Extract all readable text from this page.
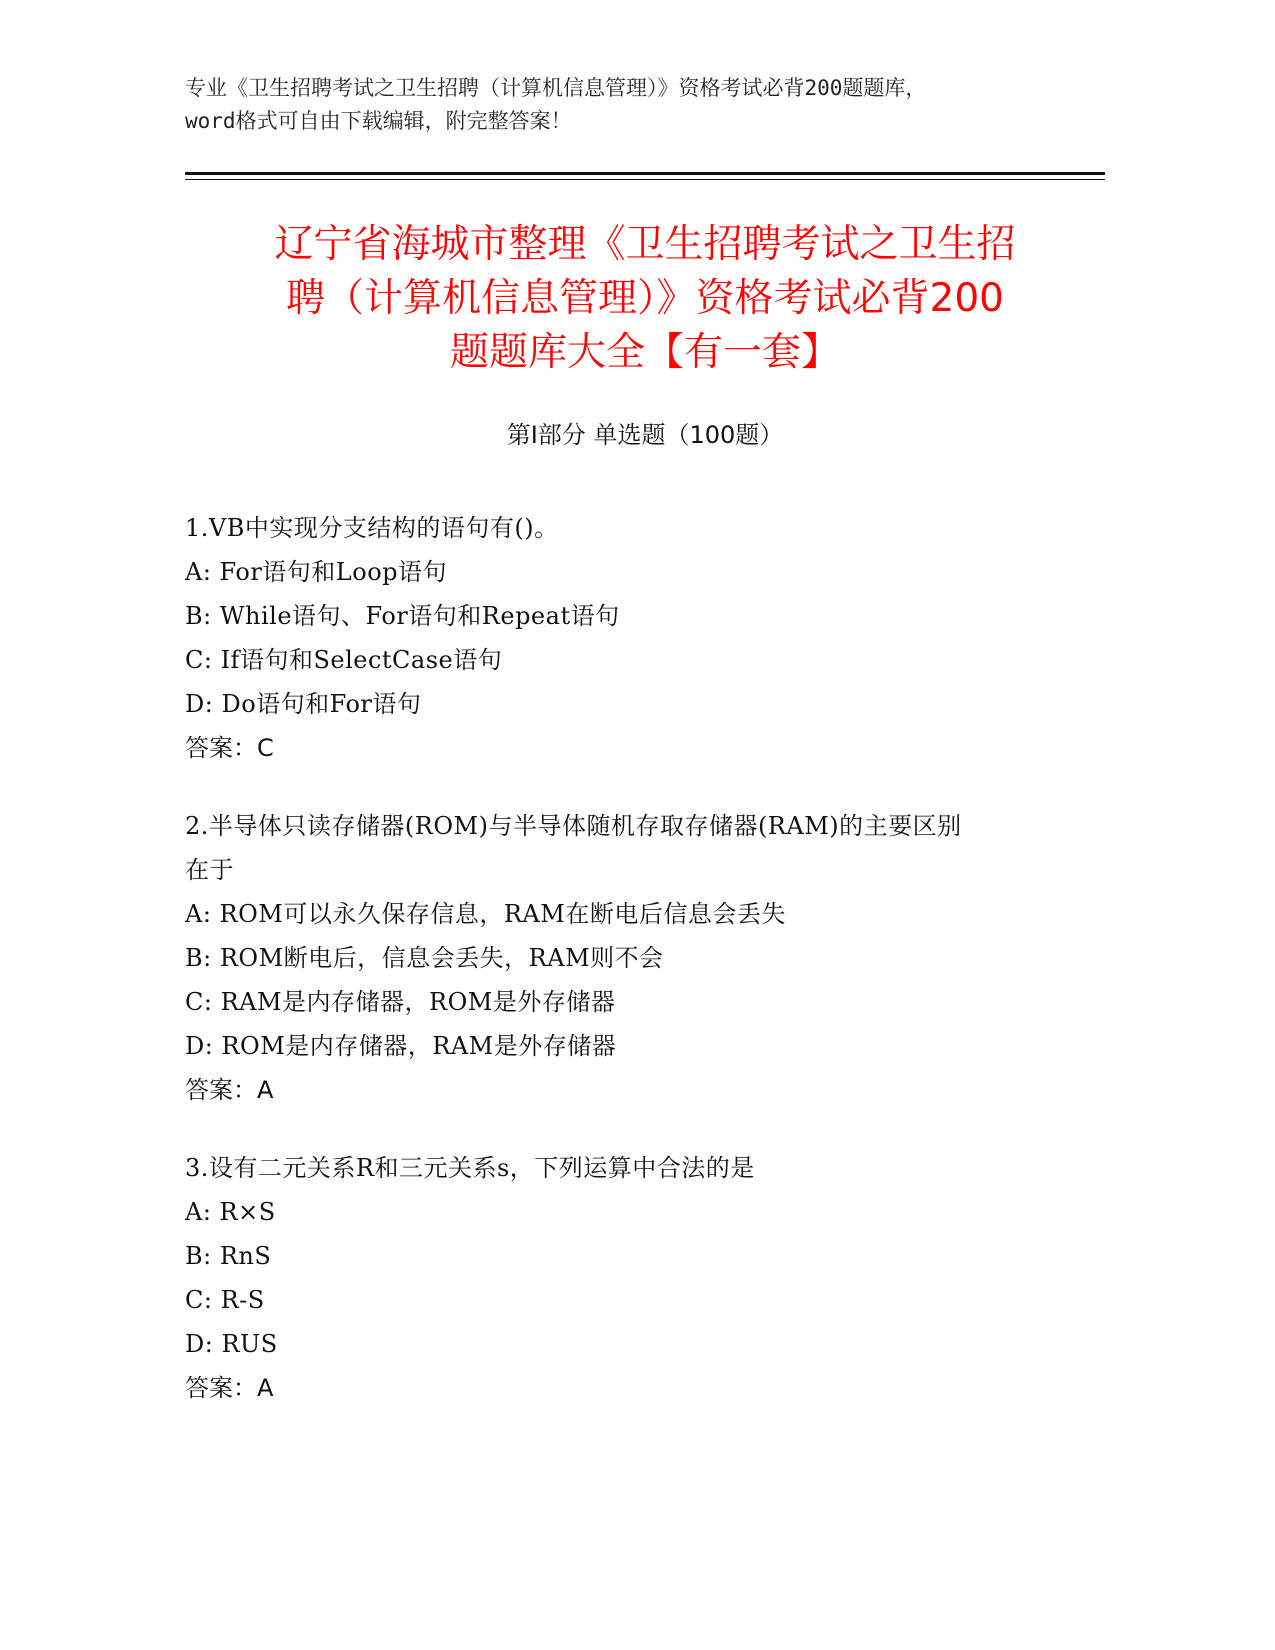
专业《卫生招聘考试之卫生招聘（计算机信息管理）》资格考试必背200题题库，
word格式可自由下载编辑，附完整答案！
辽宁省海城市整理《卫生招聘考试之卫生招
聘（计算机信息管理）》资格考试必背200
题题库大全【有一套】
第Ⅰ部分 单选题（100题）
1.VB中实现分支结构的语句有()。
A: For语句和Loop语句
B: While语句、For语句和Repeat语句
C: If语句和SelectCase语句
D: Do语句和For语句
答案：C
2.半导体只读存储器(ROM)与半导体随机存取存储器(RAM)的主要区别
在于
A: ROM可以永久保存信息，RAM在断电后信息会丢失
B: ROM断电后，信息会丢失，RAM则不会
C: RAM是内存储器，ROM是外存储器
D: ROM是内存储器，RAM是外存储器
答案：A
3.设有二元关系R和三元关系s，下列运算中合法的是
A: R×S
B: RnS
C: R-S
D: RUS
答案：A
